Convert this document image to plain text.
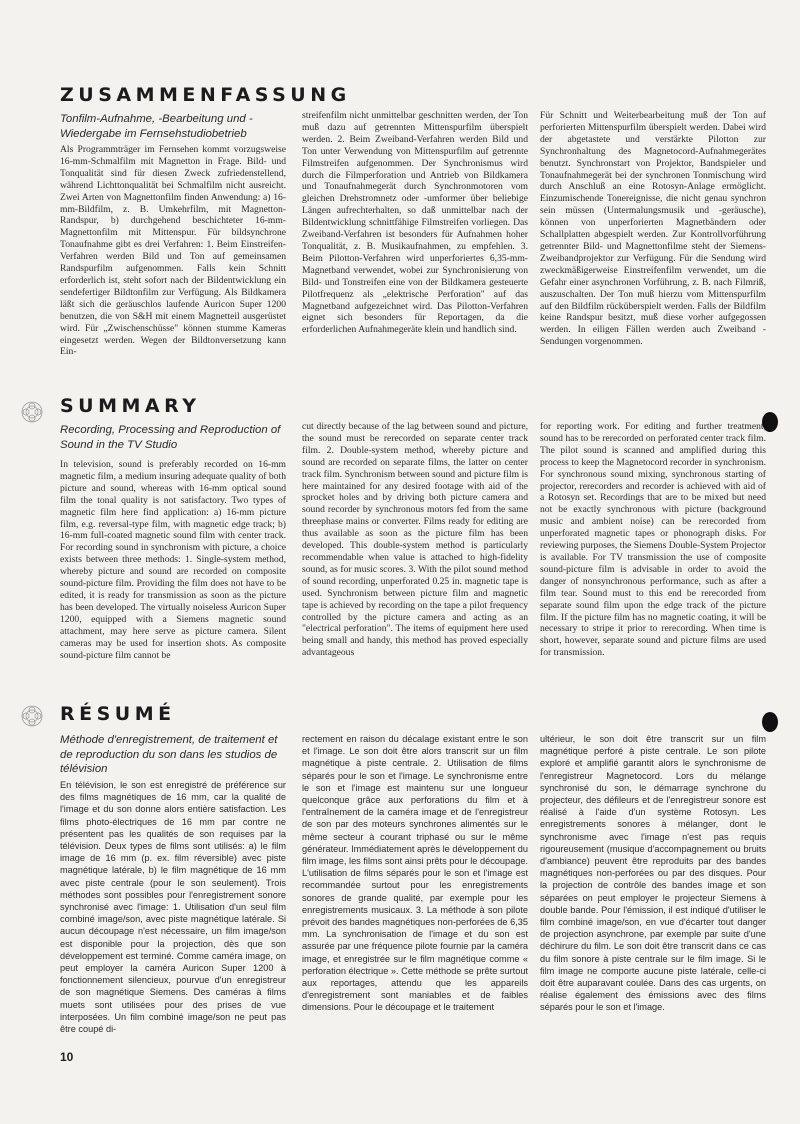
ZUSAMMENFASSUNG

Tonfilm-Aufnahme, -Bearbeitung und -Wiedergabe im Fernsehstudiobetrieb

Als Programmträger im Fernsehen kommt vorzugsweise 16-mm-Schmalfilm mit Magnetton in Frage. Bild- und Tonqualität sind für diesen Zweck zufriedenstellend, während Lichttonqualität bei Schmalfilm nicht ausreicht. Zwei Arten von Magnettonfilm finden Anwendung: a) 16-mm-Bildfilm, z. B. Umkehrfilm, mit Magnetton-Randspur, b) durchgehend beschichteter 16-mm-Magnettonfilm mit Mittenspur. Für bildsynchrone Tonaufnahme gibt es drei Verfahren: 1. Beim Einstreifen-Verfahren werden Bild und Ton auf gemeinsamen Randspurfilm aufgenommen. Falls kein Schnitt erforderlich ist, steht sofort nach der Bildentwicklung ein sendefertiger Bildtonfilm zur Verfügung. Als Bildkamera läßt sich die geräuschlos laufende Auricon Super 1200 benutzen, die von S&H mit einem Magnetteil ausgerüstet wird. Für „Zwischenschüsse" können stumme Kameras eingesetzt werden. Wegen der Bildtonversetzung kann Ein-

streifenfilm nicht unmittelbar geschnitten werden, der Ton muß dazu auf getrennten Mittenspurfilm überspielt werden. 2. Beim Zweiband-Verfahren werden Bild und Ton unter Verwendung von Mittenspurfilm auf getrennte Filmstreifen aufgenommen. Der Synchronismus wird durch die Filmperforation und Antrieb von Bildkamera und Tonaufnahmegerät durch Synchronmotoren vom gleichen Drehstromnetz oder -umformer über beliebige Längen aufrechterhalten, so daß unmittelbar nach der Bildentwicklung schnittfähige Filmstreifen vorliegen. Das Zweiband-Verfahren ist besonders für Aufnahmen hoher Tonqualität, z. B. Musikaufnahmen, zu empfehlen. 3. Beim Pilotton-Verfahren wird unperforiertes 6,35-mm-Magnetband verwendet, wobei zur Synchronisierung von Bild- und Tonstreifen eine von der Bildkamera gesteuerte Pilotfrequenz als „elektrische Perforation" auf das Magnetband aufgezeichnet wird. Das Pilotton-Verfahren eignet sich besonders für Reportagen, da die erforderlichen Aufnahmegeräte klein und handlich sind.

Für Schnitt und Weiterbearbeitung muß der Ton auf perforierten Mittenspurfilm überspielt werden. Dabei wird der abgetastete und verstärkte Pilotton zur Synchronhaltung des Magnetocord-Aufnahmegerätes benutzt. Synchronstart von Projektor, Bandspieler und Tonaufnahmegerät bei der synchronen Tonmischung wird durch Anschluß an eine Rotosyn-Anlage ermöglicht. Einzumischende Tonereignisse, die nicht genau synchron sein müssen (Untermalungsmusik und -geräusche), können von unperforierten Magnetbändern oder Schallplatten abgespielt werden. Zur Kontrollvorführung getrennter Bild- und Magnettonfilme steht der Siemens-Zweibandprojektor zur Verfügung. Für die Sendung wird zweckmäßigerweise Einstreifenfilm verwendet, um die Gefahr einer asynchronen Vorführung, z. B. nach Filmriß, auszuschalten. Der Ton muß hierzu vom Mittenspurfilm auf den Bildfilm rücküberspielt werden. Falls der Bildfilm keine Randspur besitzt, muß diese vorher aufgegossen werden. In eiligen Fällen werden auch Zweiband - Sendungen vorgenommen.

SUMMARY

Recording, Processing and Reproduction of Sound in the TV Studio

In television, sound is preferably recorded on 16-mm magnetic film, a medium insuring adequate quality of both picture and sound, whereas with 16-mm optical sound film the tonal quality is not satisfactory. Two types of magnetic film here find application: a) 16-mm picture film, e.g. reversal-type film, with magnetic edge track; b) 16-mm full-coated magnetic sound film with center track. For recording sound in synchronism with picture, a choice exists between three methods: 1. Single-system method, whereby picture and sound are recorded on composite sound-picture film. Providing the film does not have to be edited, it is ready for transmission as soon as the picture has been developed. The virtually noiseless Auricon Super 1200, equipped with a Siemens magnetic sound attachment, may here serve as picture camera. Silent cameras may be used for insertion shots. As composite sound-picture film cannot be

cut directly because of the lag between sound and picture, the sound must be rerecorded on separate center track film. 2. Double-system method, whereby picture and sound are recorded on separate films, the latter on center track film. Synchronism between sound and picture film is here maintained for any desired footage with aid of the sprocket holes and by driving both picture camera and sound recorder by synchronous motors fed from the same threephase mains or converter. Films ready for editing are thus available as soon as the picture film has been developed. This double-system method is particularly recommendable when value is attached to high-fidelity sound, as for music scores. 3. With the pilot sound method of sound recording, unperforated 0.25 in. magnetic tape is used. Synchronism between picture film and magnetic tape is achieved by recording on the tape a pilot frequency controlled by the picture camera and acting as an "electrical perforation". The items of equipment here used being small and handy, this method has proved especially advantageous

for reporting work. For editing and further treatment, sound has to be rerecorded on perforated center track film. The pilot sound is scanned and amplified during this process to keep the Magnetocord recorder in synchronism. For synchronous sound mixing, synchronous starting of projector, rerecorders and recorder is achieved with aid of a Rotosyn set. Recordings that are to be mixed but need not be exactly synchronous with picture (background music and ambient noise) can be rerecorded from unperforated magnetic tapes or phonograph disks. For reviewing purposes, the Siemens Double-System Projector is available. For TV transmission the use of composite sound-picture film is advisable in order to avoid the danger of nonsynchronous performance, such as after a film tear. Sound must to this end be rerecorded from separate sound film upon the edge track of the picture film. If the picture film has no magnetic coating, it will be necessary to stripe it prior to rerecording. When time is short, however, separate sound and picture films are used for transmission.

RÉSUMÉ

Méthode d'enregistrement, de traitement et de reproduction du son dans les studios de télévision

En télévision, le son est enregistré de préférence sur des films magnétiques de 16 mm, car la qualité de l'image et du son donne alors entière satisfaction. Les films photo-électriques de 16 mm par contre ne présentent pas les qualités de son requises par la télévision. Deux types de films sont utilisés: a) le film image de 16 mm (p. ex. film réversible) avec piste magnétique latérale, b) le film magnétique de 16 mm avec piste centrale (pour le son seulement). Trois méthodes sont possibles pour l'enregistrement sonore synchronisé avec l'image: 1. Utilisation d'un seul film combiné image/son, avec piste magnétique latérale. Si aucun découpage n'est nécessaire, un film image/son est disponible pour la projection, dès que son développement est terminé. Comme caméra image, on peut employer la caméra Auricon Super 1200 à fonctionnement silencieux, pourvue d'un enregistreur de son magnétique Siemens. Des caméras à films muets sont utilisées pour des prises de vue interposées. Un film combiné image/son ne peut pas être coupé di-

rectement en raison du décalage existant entre le son et l'image. Le son doit être alors transcrit sur un film magnétique à piste centrale. 2. Utilisation de films séparés pour le son et l'image. Le synchronisme entre le son et l'image est maintenu sur une longueur quelconque grâce aux perforations du film et à l'entraînement de la caméra image et de l'enregistreur de son par des moteurs synchrones alimentés sur le même secteur à courant triphasé ou sur le même générateur. Immédiatement après le développement du film image, les films sont ainsi prêts pour le découpage. L'utilisation de films séparés pour le son et l'image est recommandée surtout pour les enregistrements sonores de grande qualité, par exemple pour les enregistrements musicaux. 3. La méthode à son pilote prévoit des bandes magnétiques non-perforées de 6,35 mm. La synchronisation de l'image et du son est assurée par une fréquence pilote fournie par la caméra image, et enregistrée sur le film magnétique comme « perforation électrique ». Cette méthode se prête surtout aux reportages, attendu que les appareils d'enregistrement sont maniables et de faibles dimensions. Pour le découpage et le traitement

ultérieur, le son doit être transcrit sur un film magnétique perforé à piste centrale. Le son pilote exploré et amplifié garantit alors le synchronisme de l'enregistreur Magnetocord. Lors du mélange synchronisé du son, le démarrage synchrone du projecteur, des défileurs et de l'enregistreur sonore est réalisé à l'aide d'un système Rotosyn. Les enregistrements sonores à mélanger, dont le synchronisme avec l'image n'est pas requis rigoureusement (musique d'accompagnement ou bruits d'ambiance) peuvent être reproduits par des bandes magnétiques non-perforées ou par des disques. Pour la projection de contrôle des bandes image et son séparées on peut employer le projecteur Siemens à double bande. Pour l'émission, il est indiqué d'utiliser le film combiné image/son, en vue d'écarter tout danger de projection asynchrone, par exemple par suite d'une déchirure du film. Le son doit être transcrit dans ce cas du film sonore à piste centrale sur le film image. Si le film image ne comporte aucune piste latérale, celle-ci doit être auparavant coulée. Dans des cas urgents, on réalise également des émissions avec des films séparés pour le son et l'image.

10
